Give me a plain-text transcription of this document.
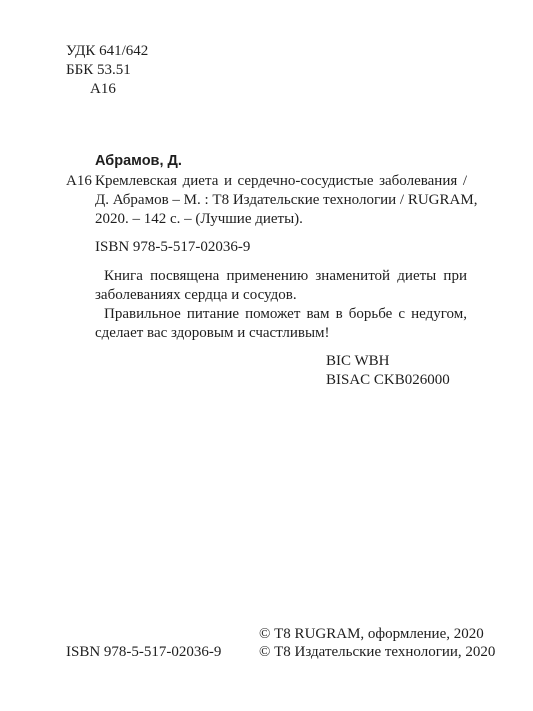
УДК 641/642
ББК 53.51
А16
Абрамов, Д.
А16 Кремлевская диета и сердечно-сосудистые заболевания /
Д. Абрамов – М. : Т8 Издательские технологии / RUGRAM,
2020. – 142 с. – (Лучшие диеты).
ISBN 978-5-517-02036-9
Книга посвящена применению знаменитой диеты при
заболеваниях сердца и сосудов.
Правильное питание поможет вам в борьбе с недугом,
сделает вас здоровым и счастливым!
BIC WBH
BISAC CKB026000
ISBN 978-5-517-02036-9
© Т8 RUGRAM, оформление, 2020
© Т8 Издательские технологии, 2020
